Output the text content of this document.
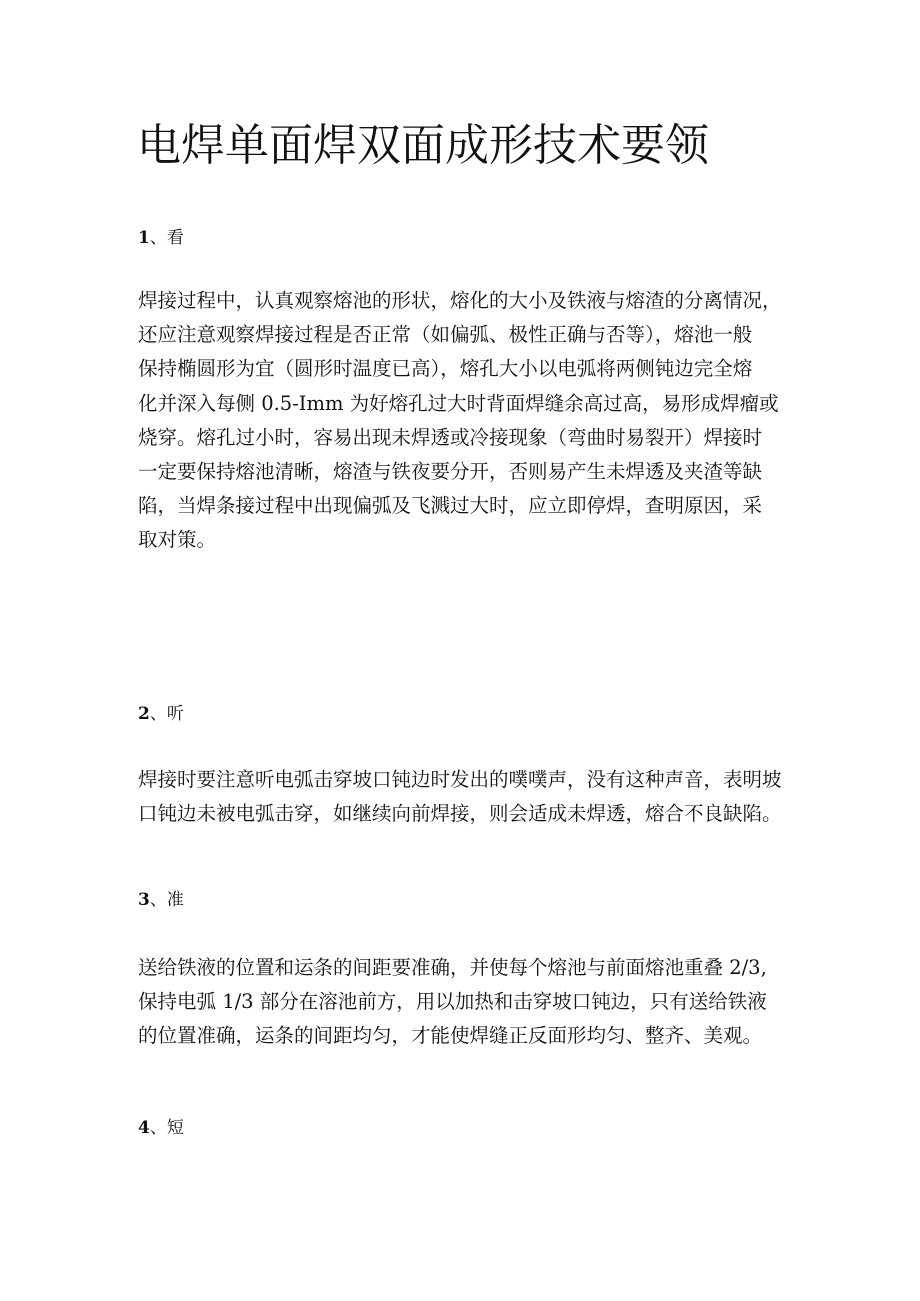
电焊单面焊双面成形技术要领
1、看
焊接过程中，认真观察熔池的形状，熔化的大小及铁液与熔渣的分离情况，
还应注意观察焊接过程是否正常（如偏弧、极性正确与否等），熔池一般
保持椭圆形为宜（圆形时温度已高），熔孔大小以电弧将两侧钝边完全熔
化并深入每侧 0.5-Imm 为好熔孔过大时背面焊缝余高过高，易形成焊瘤或
烧穿。熔孔过小时，容易出现未焊透或冷接现象（弯曲时易裂开）焊接时
一定要保持熔池清晰，熔渣与铁夜要分开，否则易产生未焊透及夹渣等缺
陷，当焊条接过程中出现偏弧及飞溅过大时，应立即停焊，查明原因，采
取对策。
2、听
焊接时要注意听电弧击穿坡口钝边时发出的噗噗声，没有这种声音，表明坡
口钝边未被电弧击穿，如继续向前焊接，则会适成未焊透，熔合不良缺陷。
3、准
送给铁液的位置和运条的间距要准确，并使每个熔池与前面熔池重叠 2/3,
保持电弧 1/3 部分在溶池前方，用以加热和击穿坡口钝边，只有送给铁液
的位置准确，运条的间距均匀，才能使焊缝正反面形均匀、整齐、美观。
4、短
